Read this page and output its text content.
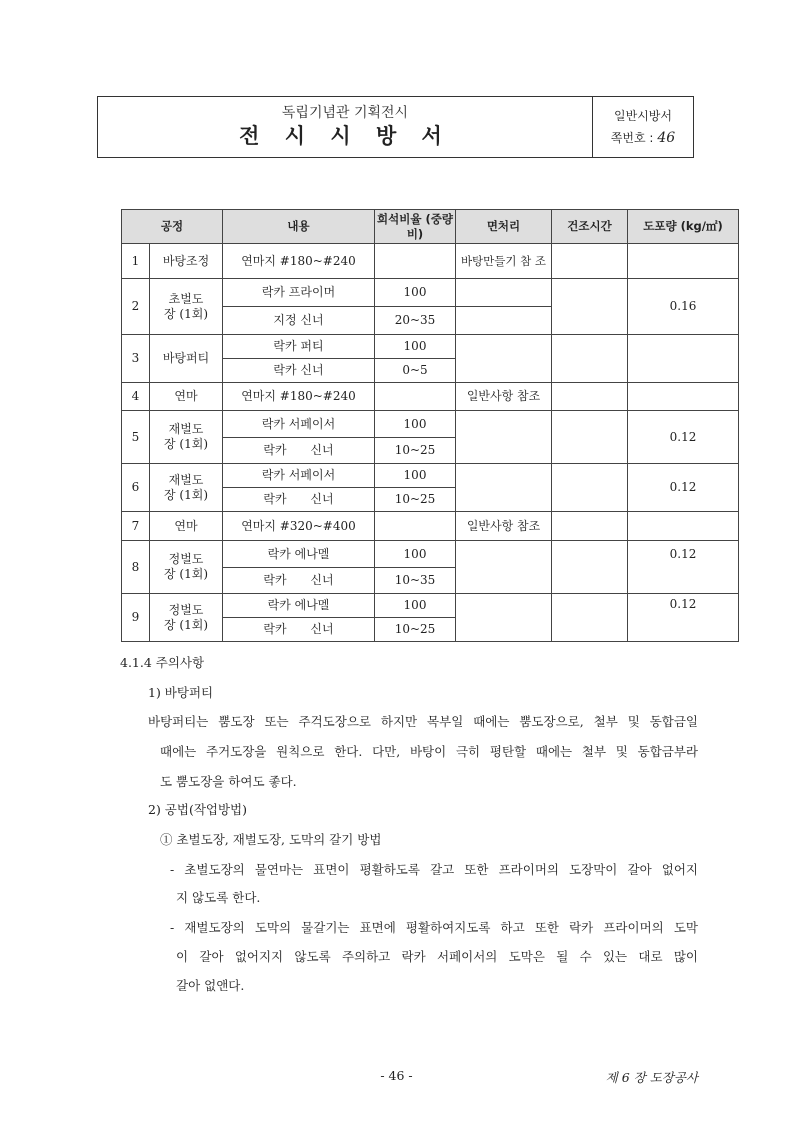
독립기념관 기획전시
전 시 시 방 서
일반시방서
쪽번호 : 46
공정		내용	희석비율 (중량비)	면처리	건조시간	도포량 (kg/㎡)
1	바탕조정	연마지 #180~#240		바탕만들기 참 조		
2	초벌도장 (1회)	락카 프라이머	100			0.16
		지정 신너	20~35			
3	바탕퍼티	락카 퍼티	100			
		락카 신너	0~5			
4	연마	연마지 #180~#240		일반사항 참조		
5	재벌도장 (1회)	락카 서페이서	100			0.12
		락카 신너	10~25			
6	재벌도장 (1회)	락카 서페이서	100			0.12
		락카 신너	10~25			
7	연마	연마지 #320~#400		일반사항 참조		
8	정벌도장 (1회)	락카 에나멜	100			0.12
		락카 신너	10~35			
9	정벌도장 (1회)	락카 에나멜	100			0.12
		락카 신너	10~25			
4.1.4 주의사항
1) 바탕퍼티
바탕퍼티는 뿜도장 또는 주걱도장으로 하지만 목부일 때에는 뿜도장으로, 철부 및 동합금일
때에는 주거도장을 원칙으로 한다. 다만, 바탕이 극히 평탄할 때에는 철부 및 동합금부라
도 뿜도장을 하여도 좋다.
2) 공법(작업방법)
① 초벌도장, 재벌도장, 도막의 갈기 방법
- 초벌도장의 물연마는 표면이 평활하도록 갈고 또한 프라이머의 도장막이 갈아 없어지
지 않도록 한다.
- 재벌도장의 도막의 물갈기는 표면에 평활하여지도록 하고 또한 락카 프라이머의 도막
이 갈아 없어지지 않도록 주의하고 락카 서페이서의 도막은 될 수 있는 대로 많이
갈아 없앤다.
- 46 -	제 6 장 도장공사
